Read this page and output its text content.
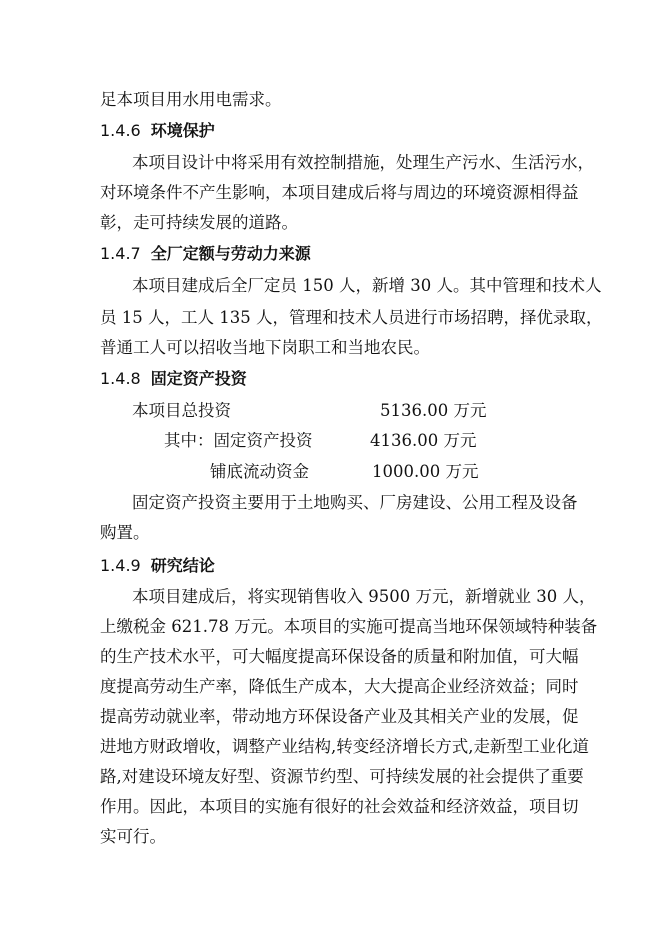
足本项目用水用电需求。
1.4.6 环境保护
本项目设计中将采用有效控制措施，处理生产污水、生活污水，
对环境条件不产生影响，本项目建成后将与周边的环境资源相得益
彰，走可持续发展的道路。
1.4.7 全厂定额与劳动力来源
本项目建成后全厂定员 150 人，新增 30 人。其中管理和技术人
员 15 人，工人 135 人，管理和技术人员进行市场招聘，择优录取，
普通工人可以招收当地下岗职工和当地农民。
1.4.8 固定资产投资
本项目总投资	5136.00 万元
其中：固定资产投资	4136.00 万元
铺底流动资金	1000.00 万元
固定资产投资主要用于土地购买、厂房建设、公用工程及设备
购置。
1.4.9 研究结论
本项目建成后，将实现销售收入 9500 万元，新增就业 30 人，
上缴税金 621.78 万元。本项目的实施可提高当地环保领域特种装备
的生产技术水平，可大幅度提高环保设备的质量和附加值，可大幅
度提高劳动生产率，降低生产成本，大大提高企业经济效益；同时
提高劳动就业率，带动地方环保设备产业及其相关产业的发展，促
进地方财政增收，调整产业结构,转变经济增长方式,走新型工业化道
路,对建设环境友好型、资源节约型、可持续发展的社会提供了重要
作用。因此，本项目的实施有很好的社会效益和经济效益，项目切
实可行。
